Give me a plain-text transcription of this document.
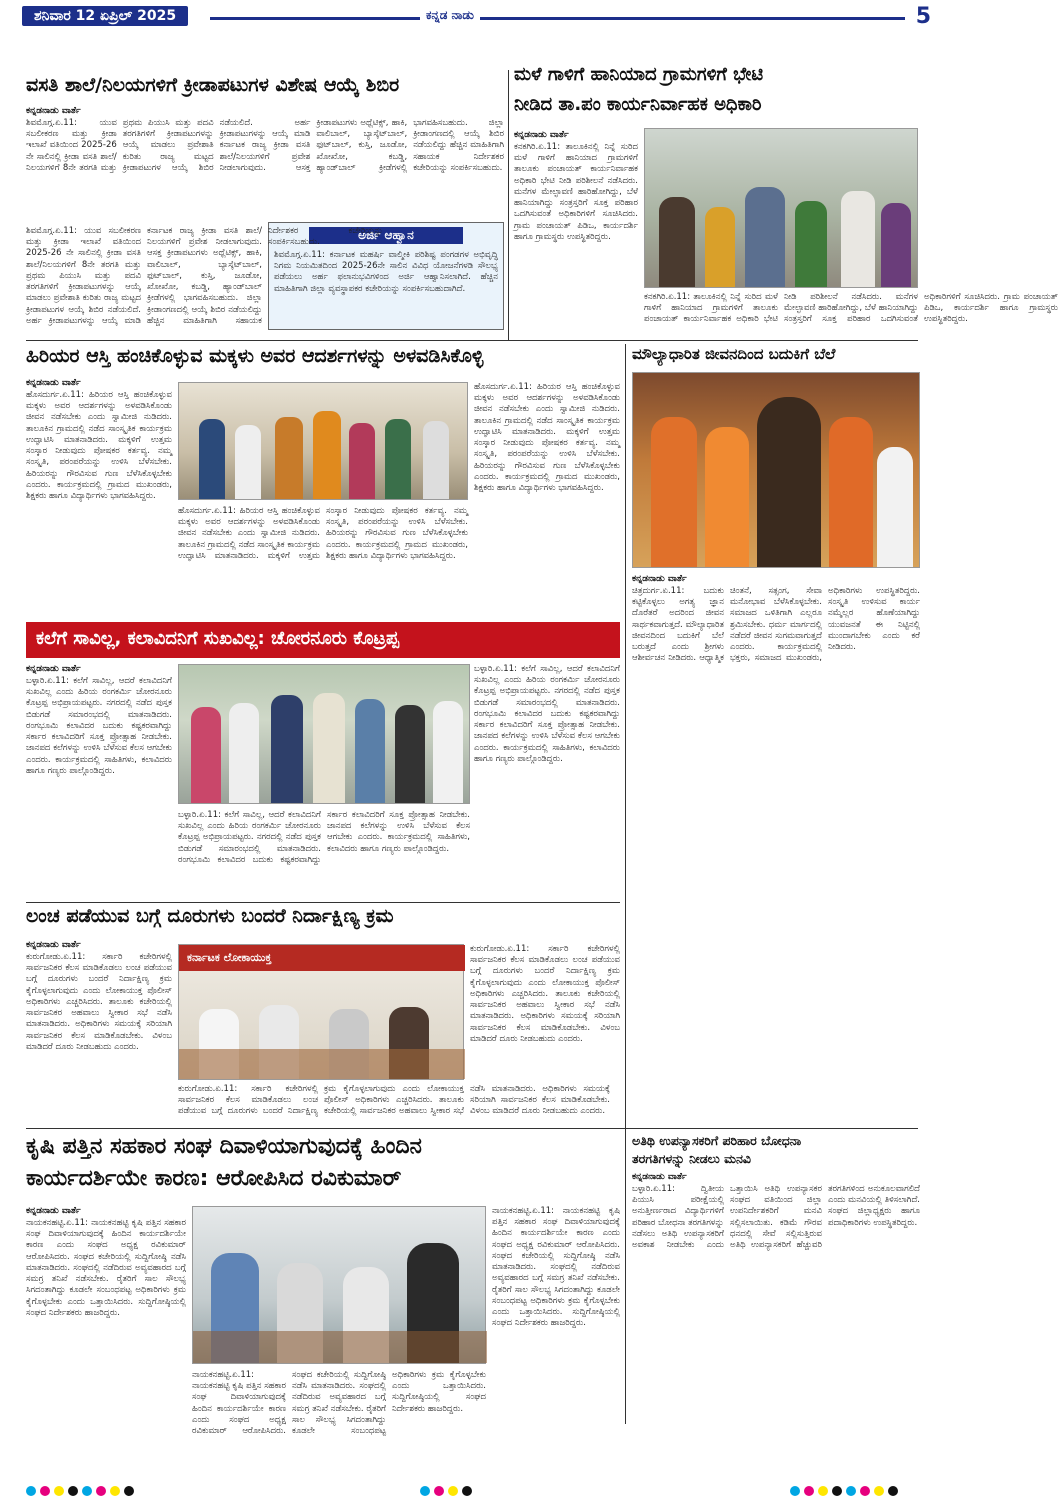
ಶನಿವಾರ 12 ಏಪ್ರಿಲ್ 2025	ಕನ್ನಡ ನಾಡು	5
ವಸತಿ ಶಾಲೆ/ನಿಲಯಗಳಿಗೆ ಕ್ರೀಡಾಪಟುಗಳ ವಿಶೇಷ ಆಯ್ಕೆ ಶಿಬಿರ
ಕನ್ನಡನಾಡು ವಾರ್ತೆ
ಶಿವಮೊಗ್ಗ.ಏ.11: ಯುವ ಸಬಲೀಕರಣ ಮತ್ತು ಕ್ರೀಡಾ ಇಲಾಖೆ ವತಿಯಿಂದ 2025-26 ನೇ ಸಾಲಿನಲ್ಲಿ ಕ್ರೀಡಾ ವಸತಿ ಶಾಲೆ/ನಿಲಯಗಳಿಗೆ 8ನೇ ತರಗತಿ ಮತ್ತು ಪ್ರಥಮ ಪಿಯುಸಿ ಮತ್ತು ಪದವಿ ತರಗತಿಗಳಿಗೆ ಕ್ರೀಡಾಪಟುಗಳನ್ನು ಆಯ್ಕೆ ಮಾಡಲು ಪ್ರವೇಶಾತಿ ಕುರಿತು ರಾಜ್ಯ ಮಟ್ಟದ ಕ್ರೀಡಾಪಟುಗಳ ಆಯ್ಕೆ ಶಿಬಿರ ನಡೆಯಲಿದೆ. ಅರ್ಹ ಕ್ರೀಡಾಪಟುಗಳನ್ನು ಆಯ್ಕೆ ಮಾಡಿ ಕರ್ನಾಟಕ ರಾಜ್ಯ ಕ್ರೀಡಾ ವಸತಿ ಶಾಲೆ/ನಿಲಯಗಳಿಗೆ ಪ್ರವೇಶ ನೀಡಲಾಗುವುದು. ಆಸಕ್ತ ಕ್ರೀಡಾಪಟುಗಳು ಅಥ್ಲೆಟಿಕ್ಸ್, ಹಾಕಿ, ವಾಲಿಬಾಲ್, ಬ್ಯಾಸ್ಕೆಟ್‌ಬಾಲ್, ಫುಟ್‌ಬಾಲ್, ಕುಸ್ತಿ, ಜೂಡೋ, ಖೋಖೋ, ಕಬಡ್ಡಿ, ಹ್ಯಾಂಡ್‌ಬಾಲ್ ಕ್ರೀಡೆಗಳಲ್ಲಿ ಭಾಗವಹಿಸಬಹುದು. ಜಿಲ್ಲಾ ಕ್ರೀಡಾಂಗಣದಲ್ಲಿ ಆಯ್ಕೆ ಶಿಬಿರ ನಡೆಯಲಿದ್ದು ಹೆಚ್ಚಿನ ಮಾಹಿತಿಗಾಗಿ ಸಹಾಯಕ ನಿರ್ದೇಶಕರ ಕಚೇರಿಯನ್ನು ಸಂಪರ್ಕಿಸಬಹುದು.
ಅರ್ಜಿ ಆಹ್ವಾನ
ಶಿವಮೊಗ್ಗ.ಏ.11: ಕರ್ನಾಟಕ ಮಹರ್ಷಿ ವಾಲ್ಮೀಕಿ ಪರಿಶಿಷ್ಟ ಪಂಗಡಗಳ ಅಭಿವೃದ್ಧಿ ನಿಗಮ ನಿಯಮಿತದಿಂದ 2025-26ನೇ ಸಾಲಿನ ವಿವಿಧ ಯೋಜನೆಗಳಡಿ ಸೌಲಭ್ಯ ಪಡೆಯಲು ಅರ್ಹ ಫಲಾನುಭವಿಗಳಿಂದ ಅರ್ಜಿ ಆಹ್ವಾನಿಸಲಾಗಿದೆ. ಹೆಚ್ಚಿನ ಮಾಹಿತಿಗಾಗಿ ಜಿಲ್ಲಾ ವ್ಯವಸ್ಥಾಪಕರ ಕಚೇರಿಯನ್ನು ಸಂಪರ್ಕಿಸಬಹುದಾಗಿದೆ.
ಶಿವಮೊಗ್ಗ.ಏ.11: ಯುವ ಸಬಲೀಕರಣ ಮತ್ತು ಕ್ರೀಡಾ ಇಲಾಖೆ ವತಿಯಿಂದ 2025-26 ನೇ ಸಾಲಿನಲ್ಲಿ ಕ್ರೀಡಾ ವಸತಿ ಶಾಲೆ/ನಿಲಯಗಳಿಗೆ 8ನೇ ತರಗತಿ ಮತ್ತು ಪ್ರಥಮ ಪಿಯುಸಿ ಮತ್ತು ಪದವಿ ತರಗತಿಗಳಿಗೆ ಕ್ರೀಡಾಪಟುಗಳನ್ನು ಆಯ್ಕೆ ಮಾಡಲು ಪ್ರವೇಶಾತಿ ಕುರಿತು ರಾಜ್ಯ ಮಟ್ಟದ ಕ್ರೀಡಾಪಟುಗಳ ಆಯ್ಕೆ ಶಿಬಿರ ನಡೆಯಲಿದೆ. ಅರ್ಹ ಕ್ರೀಡಾಪಟುಗಳನ್ನು ಆಯ್ಕೆ ಮಾಡಿ ಕರ್ನಾಟಕ ರಾಜ್ಯ ಕ್ರೀಡಾ ವಸತಿ ಶಾಲೆ/ನಿಲಯಗಳಿಗೆ ಪ್ರವೇಶ ನೀಡಲಾಗುವುದು. ಆಸಕ್ತ ಕ್ರೀಡಾಪಟುಗಳು ಅಥ್ಲೆಟಿಕ್ಸ್, ಹಾಕಿ, ವಾಲಿಬಾಲ್, ಬ್ಯಾಸ್ಕೆಟ್‌ಬಾಲ್, ಫುಟ್‌ಬಾಲ್, ಕುಸ್ತಿ, ಜೂಡೋ, ಖೋಖೋ, ಕಬಡ್ಡಿ, ಹ್ಯಾಂಡ್‌ಬಾಲ್ ಕ್ರೀಡೆಗಳಲ್ಲಿ ಭಾಗವಹಿಸಬಹುದು. ಜಿಲ್ಲಾ ಕ್ರೀಡಾಂಗಣದಲ್ಲಿ ಆಯ್ಕೆ ಶಿಬಿರ ನಡೆಯಲಿದ್ದು ಹೆಚ್ಚಿನ ಮಾಹಿತಿಗಾಗಿ ಸಹಾಯಕ
ಮಳೆ ಗಾಳಿಗೆ ಹಾನಿಯಾದ ಗ್ರಾಮಗಳಿಗೆ ಭೇಟಿ
ನೀಡಿದ ತಾ.ಪಂ ಕಾರ್ಯನಿರ್ವಾಹಕ ಅಧಿಕಾರಿ
ಕನ್ನಡನಾಡು ವಾರ್ತೆ
ಕನಕಗಿರಿ.ಏ.11: ತಾಲೂಕಿನಲ್ಲಿ ನಿನ್ನೆ ಸುರಿದ ಮಳೆ ಗಾಳಿಗೆ ಹಾನಿಯಾದ ಗ್ರಾಮಗಳಿಗೆ ತಾಲೂಕು ಪಂಚಾಯತ್ ಕಾರ್ಯನಿರ್ವಾಹಕ ಅಧಿಕಾರಿ ಭೇಟಿ ನೀಡಿ ಪರಿಶೀಲನೆ ನಡೆಸಿದರು. ಮನೆಗಳ ಮೇಲ್ಛಾವಣಿ ಹಾರಿಹೋಗಿದ್ದು, ಬೆಳೆ ಹಾನಿಯಾಗಿದ್ದು ಸಂತ್ರಸ್ತರಿಗೆ ಸೂಕ್ತ ಪರಿಹಾರ ಒದಗಿಸುವಂತೆ ಅಧಿಕಾರಿಗಳಿಗೆ ಸೂಚಿಸಿದರು. ಗ್ರಾಮ ಪಂಚಾಯತ್ ಪಿಡಿಒ, ಕಾರ್ಯದರ್ಶಿ ಹಾಗೂ ಗ್ರಾಮಸ್ಥರು ಉಪಸ್ಥಿತರಿದ್ದರು.
ಕನಕಗಿರಿ.ಏ.11: ತಾಲೂಕಿನಲ್ಲಿ ನಿನ್ನೆ ಸುರಿದ ಮಳೆ ಗಾಳಿಗೆ ಹಾನಿಯಾದ ಗ್ರಾಮಗಳಿಗೆ ತಾಲೂಕು ಪಂಚಾಯತ್ ಕಾರ್ಯನಿರ್ವಾಹಕ ಅಧಿಕಾರಿ ಭೇಟಿ ನೀಡಿ ಪರಿಶೀಲನೆ ನಡೆಸಿದರು. ಮನೆಗಳ ಮೇಲ್ಛಾವಣಿ ಹಾರಿಹೋಗಿದ್ದು, ಬೆಳೆ ಹಾನಿಯಾಗಿದ್ದು ಸಂತ್ರಸ್ತರಿಗೆ ಸೂಕ್ತ ಪರಿಹಾರ ಒದಗಿಸುವಂತೆ ಅಧಿಕಾರಿಗಳಿಗೆ ಸೂಚಿಸಿದರು. ಗ್ರಾಮ ಪಂಚಾಯತ್ ಪಿಡಿಒ, ಕಾರ್ಯದರ್ಶಿ ಹಾಗೂ ಗ್ರಾಮಸ್ಥರು ಉಪಸ್ಥಿತರಿದ್ದರು.
ಹಿರಿಯರ ಆಸ್ತಿ ಹಂಚಿಕೊಳ್ಳುವ ಮಕ್ಕಳು ಅವರ ಆದರ್ಶಗಳನ್ನು ಅಳವಡಿಸಿಕೊಳ್ಳಿ
ಕನ್ನಡನಾಡು ವಾರ್ತೆ
ಹೊಸದುರ್ಗ.ಏ.11: ಹಿರಿಯರ ಆಸ್ತಿ ಹಂಚಿಕೊಳ್ಳುವ ಮಕ್ಕಳು ಅವರ ಆದರ್ಶಗಳನ್ನು ಅಳವಡಿಸಿಕೊಂಡು ಜೀವನ ನಡೆಸಬೇಕು ಎಂದು ಸ್ವಾಮೀಜಿ ನುಡಿದರು. ತಾಲೂಕಿನ ಗ್ರಾಮದಲ್ಲಿ ನಡೆದ ಸಾಂಸ್ಕೃತಿಕ ಕಾರ್ಯಕ್ರಮ ಉದ್ಘಾಟಿಸಿ ಮಾತನಾಡಿದರು. ಮಕ್ಕಳಿಗೆ ಉತ್ತಮ ಸಂಸ್ಕಾರ ನೀಡುವುದು ಪೋಷಕರ ಕರ್ತವ್ಯ. ನಮ್ಮ ಸಂಸ್ಕೃತಿ, ಪರಂಪರೆಯನ್ನು ಉಳಿಸಿ ಬೆಳೆಸಬೇಕು. ಹಿರಿಯರನ್ನು ಗೌರವಿಸುವ ಗುಣ ಬೆಳೆಸಿಕೊಳ್ಳಬೇಕು ಎಂದರು. ಕಾರ್ಯಕ್ರಮದಲ್ಲಿ ಗ್ರಾಮದ ಮುಖಂಡರು, ಶಿಕ್ಷಕರು ಹಾಗೂ ವಿದ್ಯಾರ್ಥಿಗಳು ಭಾಗವಹಿಸಿದ್ದರು.
ಹೊಸದುರ್ಗ.ಏ.11: ಹಿರಿಯರ ಆಸ್ತಿ ಹಂಚಿಕೊಳ್ಳುವ ಮಕ್ಕಳು ಅವರ ಆದರ್ಶಗಳನ್ನು ಅಳವಡಿಸಿಕೊಂಡು ಜೀವನ ನಡೆಸಬೇಕು ಎಂದು ಸ್ವಾಮೀಜಿ ನುಡಿದರು. ತಾಲೂಕಿನ ಗ್ರಾಮದಲ್ಲಿ ನಡೆದ ಸಾಂಸ್ಕೃತಿಕ ಕಾರ್ಯಕ್ರಮ ಉದ್ಘಾಟಿಸಿ ಮಾತನಾಡಿದರು. ಮಕ್ಕಳಿಗೆ ಉತ್ತಮ ಸಂಸ್ಕಾರ ನೀಡುವುದು ಪೋಷಕರ ಕರ್ತವ್ಯ. ನಮ್ಮ ಸಂಸ್ಕೃತಿ, ಪರಂಪರೆಯನ್ನು ಉಳಿಸಿ ಬೆಳೆಸಬೇಕು. ಹಿರಿಯರನ್ನು ಗೌರವಿಸುವ ಗುಣ ಬೆಳೆಸಿಕೊಳ್ಳಬೇಕು ಎಂದರು. ಕಾರ್ಯಕ್ರಮದಲ್ಲಿ ಗ್ರಾಮದ ಮುಖಂಡರು, ಶಿಕ್ಷಕರು ಹಾಗೂ ವಿದ್ಯಾರ್ಥಿಗಳು ಭಾಗವಹಿಸಿದ್ದರು.
ಹೊಸದುರ್ಗ.ಏ.11: ಹಿರಿಯರ ಆಸ್ತಿ ಹಂಚಿಕೊಳ್ಳುವ ಮಕ್ಕಳು ಅವರ ಆದರ್ಶಗಳನ್ನು ಅಳವಡಿಸಿಕೊಂಡು ಜೀವನ ನಡೆಸಬೇಕು ಎಂದು ಸ್ವಾಮೀಜಿ ನುಡಿದರು. ತಾಲೂಕಿನ ಗ್ರಾಮದಲ್ಲಿ ನಡೆದ ಸಾಂಸ್ಕೃತಿಕ ಕಾರ್ಯಕ್ರಮ ಉದ್ಘಾಟಿಸಿ ಮಾತನಾಡಿದರು. ಮಕ್ಕಳಿಗೆ ಉತ್ತಮ ಸಂಸ್ಕಾರ ನೀಡುವುದು ಪೋಷಕರ ಕರ್ತವ್ಯ. ನಮ್ಮ ಸಂಸ್ಕೃತಿ, ಪರಂಪರೆಯನ್ನು ಉಳಿಸಿ ಬೆಳೆಸಬೇಕು. ಹಿರಿಯರನ್ನು ಗೌರವಿಸುವ ಗುಣ ಬೆಳೆಸಿಕೊಳ್ಳಬೇಕು ಎಂದರು. ಕಾರ್ಯಕ್ರಮದಲ್ಲಿ ಗ್ರಾಮದ ಮುಖಂಡರು, ಶಿಕ್ಷಕರು ಹಾಗೂ ವಿದ್ಯಾರ್ಥಿಗಳು ಭಾಗವಹಿಸಿದ್ದರು.
ಮೌಲ್ಯಾಧಾರಿತ ಜೀವನದಿಂದ ಬದುಕಿಗೆ ಬೆಲೆ
ಕನ್ನಡನಾಡು ವಾರ್ತೆ
ಚಿತ್ರದುರ್ಗ.ಏ.11: ಬದುಕು ಕಟ್ಟಿಕೊಳ್ಳಲು ಅಗತ್ಯ ಜ್ಞಾನ ದೊರೆತರೆ ಅದರಿಂದ ಜೀವನ ಸಾರ್ಥಕವಾಗುತ್ತದೆ. ಮೌಲ್ಯಾಧಾರಿತ ಜೀವನದಿಂದ ಬದುಕಿಗೆ ಬೆಲೆ ಬರುತ್ತದೆ ಎಂದು ಶ್ರೀಗಳು ಆಶೀರ್ವಚನ ನೀಡಿದರು. ಆಧ್ಯಾತ್ಮಿಕ ಚಿಂತನೆ, ಸತ್ಸಂಗ, ಸೇವಾ ಮನೋಭಾವ ಬೆಳೆಸಿಕೊಳ್ಳಬೇಕು. ಸಮಾಜದ ಒಳಿತಿಗಾಗಿ ಎಲ್ಲರೂ ಶ್ರಮಿಸಬೇಕು. ಧರ್ಮ ಮಾರ್ಗದಲ್ಲಿ ನಡೆದರೆ ಜೀವನ ಸುಗಮವಾಗುತ್ತದೆ ಎಂದರು. ಕಾರ್ಯಕ್ರಮದಲ್ಲಿ ಭಕ್ತರು, ಸಮಾಜದ ಮುಖಂಡರು, ಅಧಿಕಾರಿಗಳು ಉಪಸ್ಥಿತರಿದ್ದರು. ಸಂಸ್ಕೃತಿ ಉಳಿಸುವ ಕಾರ್ಯ ನಮ್ಮೆಲ್ಲರ ಹೊಣೆಯಾಗಿದ್ದು ಯುವಜನತೆ ಈ ನಿಟ್ಟಿನಲ್ಲಿ ಮುಂದಾಗಬೇಕು ಎಂದು ಕರೆ ನೀಡಿದರು.
ಕಲೆಗೆ ಸಾವಿಲ್ಲ, ಕಲಾವಿದನಿಗೆ ಸುಖವಿಲ್ಲ: ಚೋರನೂರು ಕೊಟ್ರಪ್ಪ
ಕನ್ನಡನಾಡು ವಾರ್ತೆ
ಬಳ್ಳಾರಿ.ಏ.11: ಕಲೆಗೆ ಸಾವಿಲ್ಲ, ಆದರೆ ಕಲಾವಿದನಿಗೆ ಸುಖವಿಲ್ಲ ಎಂದು ಹಿರಿಯ ರಂಗಕರ್ಮಿ ಚೋರನೂರು ಕೊಟ್ರಪ್ಪ ಅಭಿಪ್ರಾಯಪಟ್ಟರು. ನಗರದಲ್ಲಿ ನಡೆದ ಪುಸ್ತಕ ಬಿಡುಗಡೆ ಸಮಾರಂಭದಲ್ಲಿ ಮಾತನಾಡಿದರು. ರಂಗಭೂಮಿ ಕಲಾವಿದರ ಬದುಕು ಕಷ್ಟಕರವಾಗಿದ್ದು ಸರ್ಕಾರ ಕಲಾವಿದರಿಗೆ ಸೂಕ್ತ ಪ್ರೋತ್ಸಾಹ ನೀಡಬೇಕು. ಜಾನಪದ ಕಲೆಗಳನ್ನು ಉಳಿಸಿ ಬೆಳೆಸುವ ಕೆಲಸ ಆಗಬೇಕು ಎಂದರು. ಕಾರ್ಯಕ್ರಮದಲ್ಲಿ ಸಾಹಿತಿಗಳು, ಕಲಾವಿದರು ಹಾಗೂ ಗಣ್ಯರು ಪಾಲ್ಗೊಂಡಿದ್ದರು.
ಬಳ್ಳಾರಿ.ಏ.11: ಕಲೆಗೆ ಸಾವಿಲ್ಲ, ಆದರೆ ಕಲಾವಿದನಿಗೆ ಸುಖವಿಲ್ಲ ಎಂದು ಹಿರಿಯ ರಂಗಕರ್ಮಿ ಚೋರನೂರು ಕೊಟ್ರಪ್ಪ ಅಭಿಪ್ರಾಯಪಟ್ಟರು. ನಗರದಲ್ಲಿ ನಡೆದ ಪುಸ್ತಕ ಬಿಡುಗಡೆ ಸಮಾರಂಭದಲ್ಲಿ ಮಾತನಾಡಿದರು. ರಂಗಭೂಮಿ ಕಲಾವಿದರ ಬದುಕು ಕಷ್ಟಕರವಾಗಿದ್ದು ಸರ್ಕಾರ ಕಲಾವಿದರಿಗೆ ಸೂಕ್ತ ಪ್ರೋತ್ಸಾಹ ನೀಡಬೇಕು. ಜಾನಪದ ಕಲೆಗಳನ್ನು ಉಳಿಸಿ ಬೆಳೆಸುವ ಕೆಲಸ ಆಗಬೇಕು ಎಂದರು. ಕಾರ್ಯಕ್ರಮದಲ್ಲಿ ಸಾಹಿತಿಗಳು, ಕಲಾವಿದರು ಹಾಗೂ ಗಣ್ಯರು ಪಾಲ್ಗೊಂಡಿದ್ದರು.
ಬಳ್ಳಾರಿ.ಏ.11: ಕಲೆಗೆ ಸಾವಿಲ್ಲ, ಆದರೆ ಕಲಾವಿದನಿಗೆ ಸುಖವಿಲ್ಲ ಎಂದು ಹಿರಿಯ ರಂಗಕರ್ಮಿ ಚೋರನೂರು ಕೊಟ್ರಪ್ಪ ಅಭಿಪ್ರಾಯಪಟ್ಟರು. ನಗರದಲ್ಲಿ ನಡೆದ ಪುಸ್ತಕ ಬಿಡುಗಡೆ ಸಮಾರಂಭದಲ್ಲಿ ಮಾತನಾಡಿದರು. ರಂಗಭೂಮಿ ಕಲಾವಿದರ ಬದುಕು ಕಷ್ಟಕರವಾಗಿದ್ದು ಸರ್ಕಾರ ಕಲಾವಿದರಿಗೆ ಸೂಕ್ತ ಪ್ರೋತ್ಸಾಹ ನೀಡಬೇಕು. ಜಾನಪದ ಕಲೆಗಳನ್ನು ಉಳಿಸಿ ಬೆಳೆಸುವ ಕೆಲಸ ಆಗಬೇಕು ಎಂದರು. ಕಾರ್ಯಕ್ರಮದಲ್ಲಿ ಸಾಹಿತಿಗಳು, ಕಲಾವಿದರು ಹಾಗೂ ಗಣ್ಯರು ಪಾಲ್ಗೊಂಡಿದ್ದರು.
ಲಂಚ ಪಡೆಯುವ ಬಗ್ಗೆ ದೂರುಗಳು ಬಂದರೆ ನಿರ್ದಾಕ್ಷಿಣ್ಯ ಕ್ರಮ
ಕನ್ನಡನಾಡು ವಾರ್ತೆ
ಕುರುಗೋಡು.ಏ.11: ಸರ್ಕಾರಿ ಕಚೇರಿಗಳಲ್ಲಿ ಸಾರ್ವಜನಿಕರ ಕೆಲಸ ಮಾಡಿಕೊಡಲು ಲಂಚ ಪಡೆಯುವ ಬಗ್ಗೆ ದೂರುಗಳು ಬಂದರೆ ನಿರ್ದಾಕ್ಷಿಣ್ಯ ಕ್ರಮ ಕೈಗೊಳ್ಳಲಾಗುವುದು ಎಂದು ಲೋಕಾಯುಕ್ತ ಪೊಲೀಸ್ ಅಧಿಕಾರಿಗಳು ಎಚ್ಚರಿಸಿದರು. ತಾಲೂಕು ಕಚೇರಿಯಲ್ಲಿ ಸಾರ್ವಜನಿಕರ ಅಹವಾಲು ಸ್ವೀಕಾರ ಸಭೆ ನಡೆಸಿ ಮಾತನಾಡಿದರು. ಅಧಿಕಾರಿಗಳು ಸಮಯಕ್ಕೆ ಸರಿಯಾಗಿ ಸಾರ್ವಜನಿಕರ ಕೆಲಸ ಮಾಡಿಕೊಡಬೇಕು. ವಿಳಂಬ ಮಾಡಿದರೆ ದೂರು ನೀಡಬಹುದು ಎಂದರು.
ಕರ್ನಾಟಕ ಲೋಕಾಯುಕ್ತ
ಕುರುಗೋಡು.ಏ.11: ಸರ್ಕಾರಿ ಕಚೇರಿಗಳಲ್ಲಿ ಸಾರ್ವಜನಿಕರ ಕೆಲಸ ಮಾಡಿಕೊಡಲು ಲಂಚ ಪಡೆಯುವ ಬಗ್ಗೆ ದೂರುಗಳು ಬಂದರೆ ನಿರ್ದಾಕ್ಷಿಣ್ಯ ಕ್ರಮ ಕೈಗೊಳ್ಳಲಾಗುವುದು ಎಂದು ಲೋಕಾಯುಕ್ತ ಪೊಲೀಸ್ ಅಧಿಕಾರಿಗಳು ಎಚ್ಚರಿಸಿದರು. ತಾಲೂಕು ಕಚೇರಿಯಲ್ಲಿ ಸಾರ್ವಜನಿಕರ ಅಹವಾಲು ಸ್ವೀಕಾರ ಸಭೆ ನಡೆಸಿ ಮಾತನಾಡಿದರು. ಅಧಿಕಾರಿಗಳು ಸಮಯಕ್ಕೆ ಸರಿಯಾಗಿ ಸಾರ್ವಜನಿಕರ ಕೆಲಸ ಮಾಡಿಕೊಡಬೇಕು. ವಿಳಂಬ ಮಾಡಿದರೆ ದೂರು ನೀಡಬಹುದು ಎಂದರು.
ಕುರುಗೋಡು.ಏ.11: ಸರ್ಕಾರಿ ಕಚೇರಿಗಳಲ್ಲಿ ಸಾರ್ವಜನಿಕರ ಕೆಲಸ ಮಾಡಿಕೊಡಲು ಲಂಚ ಪಡೆಯುವ ಬಗ್ಗೆ ದೂರುಗಳು ಬಂದರೆ ನಿರ್ದಾಕ್ಷಿಣ್ಯ ಕ್ರಮ ಕೈಗೊಳ್ಳಲಾಗುವುದು ಎಂದು ಲೋಕಾಯುಕ್ತ ಪೊಲೀಸ್ ಅಧಿಕಾರಿಗಳು ಎಚ್ಚರಿಸಿದರು. ತಾಲೂಕು ಕಚೇರಿಯಲ್ಲಿ ಸಾರ್ವಜನಿಕರ ಅಹವಾಲು ಸ್ವೀಕಾರ ಸಭೆ ನಡೆಸಿ ಮಾತನಾಡಿದರು. ಅಧಿಕಾರಿಗಳು ಸಮಯಕ್ಕೆ ಸರಿಯಾಗಿ ಸಾರ್ವಜನಿಕರ ಕೆಲಸ ಮಾಡಿಕೊಡಬೇಕು. ವಿಳಂಬ ಮಾಡಿದರೆ ದೂರು ನೀಡಬಹುದು ಎಂದರು.
ಕೃಷಿ ಪತ್ತಿನ ಸಹಕಾರ ಸಂಘ ದಿವಾಳಿಯಾಗುವುದಕ್ಕೆ ಹಿಂದಿನ
ಕಾರ್ಯದರ್ಶಿಯೇ ಕಾರಣ: ಆರೋಪಿಸಿದ ರವಿಕುಮಾರ್
ಕನ್ನಡನಾಡು ವಾರ್ತೆ
ನಾಯಕನಹಟ್ಟಿ.ಏ.11: ನಾಯಕನಹಟ್ಟಿ ಕೃಷಿ ಪತ್ತಿನ ಸಹಕಾರ ಸಂಘ ದಿವಾಳಿಯಾಗುವುದಕ್ಕೆ ಹಿಂದಿನ ಕಾರ್ಯದರ್ಶಿಯೇ ಕಾರಣ ಎಂದು ಸಂಘದ ಅಧ್ಯಕ್ಷ ರವಿಕುಮಾರ್ ಆರೋಪಿಸಿದರು. ಸಂಘದ ಕಚೇರಿಯಲ್ಲಿ ಸುದ್ದಿಗೋಷ್ಠಿ ನಡೆಸಿ ಮಾತನಾಡಿದರು. ಸಂಘದಲ್ಲಿ ನಡೆದಿರುವ ಅವ್ಯವಹಾರದ ಬಗ್ಗೆ ಸಮಗ್ರ ತನಿಖೆ ನಡೆಸಬೇಕು. ರೈತರಿಗೆ ಸಾಲ ಸೌಲಭ್ಯ ಸಿಗದಂತಾಗಿದ್ದು ಕೂಡಲೇ ಸಂಬಂಧಪಟ್ಟ ಅಧಿಕಾರಿಗಳು ಕ್ರಮ ಕೈಗೊಳ್ಳಬೇಕು ಎಂದು ಒತ್ತಾಯಿಸಿದರು. ಸುದ್ದಿಗೋಷ್ಠಿಯಲ್ಲಿ ಸಂಘದ ನಿರ್ದೇಶಕರು ಹಾಜರಿದ್ದರು.
ನಾಯಕನಹಟ್ಟಿ.ಏ.11: ನಾಯಕನಹಟ್ಟಿ ಕೃಷಿ ಪತ್ತಿನ ಸಹಕಾರ ಸಂಘ ದಿವಾಳಿಯಾಗುವುದಕ್ಕೆ ಹಿಂದಿನ ಕಾರ್ಯದರ್ಶಿಯೇ ಕಾರಣ ಎಂದು ಸಂಘದ ಅಧ್ಯಕ್ಷ ರವಿಕುಮಾರ್ ಆರೋಪಿಸಿದರು. ಸಂಘದ ಕಚೇರಿಯಲ್ಲಿ ಸುದ್ದಿಗೋಷ್ಠಿ ನಡೆಸಿ ಮಾತನಾಡಿದರು. ಸಂಘದಲ್ಲಿ ನಡೆದಿರುವ ಅವ್ಯವಹಾರದ ಬಗ್ಗೆ ಸಮಗ್ರ ತನಿಖೆ ನಡೆಸಬೇಕು. ರೈತರಿಗೆ ಸಾಲ ಸೌಲಭ್ಯ ಸಿಗದಂತಾಗಿದ್ದು ಕೂಡಲೇ ಸಂಬಂಧಪಟ್ಟ ಅಧಿಕಾರಿಗಳು ಕ್ರಮ ಕೈಗೊಳ್ಳಬೇಕು ಎಂದು ಒತ್ತಾಯಿಸಿದರು. ಸುದ್ದಿಗೋಷ್ಠಿಯಲ್ಲಿ ಸಂಘದ ನಿರ್ದೇಶಕರು ಹಾಜರಿದ್ದರು.
ನಾಯಕನಹಟ್ಟಿ.ಏ.11: ನಾಯಕನಹಟ್ಟಿ ಕೃಷಿ ಪತ್ತಿನ ಸಹಕಾರ ಸಂಘ ದಿವಾಳಿಯಾಗುವುದಕ್ಕೆ ಹಿಂದಿನ ಕಾರ್ಯದರ್ಶಿಯೇ ಕಾರಣ ಎಂದು ಸಂಘದ ಅಧ್ಯಕ್ಷ ರವಿಕುಮಾರ್ ಆರೋಪಿಸಿದರು. ಸಂಘದ ಕಚೇರಿಯಲ್ಲಿ ಸುದ್ದಿಗೋಷ್ಠಿ ನಡೆಸಿ ಮಾತನಾಡಿದರು. ಸಂಘದಲ್ಲಿ ನಡೆದಿರುವ ಅವ್ಯವಹಾರದ ಬಗ್ಗೆ ಸಮಗ್ರ ತನಿಖೆ ನಡೆಸಬೇಕು. ರೈತರಿಗೆ ಸಾಲ ಸೌಲಭ್ಯ ಸಿಗದಂತಾಗಿದ್ದು ಕೂಡಲೇ ಸಂಬಂಧಪಟ್ಟ ಅಧಿಕಾರಿಗಳು ಕ್ರಮ ಕೈಗೊಳ್ಳಬೇಕು ಎಂದು ಒತ್ತಾಯಿಸಿದರು. ಸುದ್ದಿಗೋಷ್ಠಿಯಲ್ಲಿ ಸಂಘದ ನಿರ್ದೇಶಕರು ಹಾಜರಿದ್ದರು.
ಅತಿಥಿ ಉಪನ್ಯಾಸಕರಿಗೆ ಪರಿಹಾರ ಬೋಧನಾ
ತರಗತಿಗಳನ್ನು ನೀಡಲು ಮನವಿ
ಕನ್ನಡನಾಡು ವಾರ್ತೆ
ಬಳ್ಳಾರಿ.ಏ.11: ದ್ವಿತೀಯ ಪಿಯುಸಿ ಪರೀಕ್ಷೆಯಲ್ಲಿ ಅನುತ್ತೀರ್ಣರಾದ ವಿದ್ಯಾರ್ಥಿಗಳಿಗೆ ಪರಿಹಾರ ಬೋಧನಾ ತರಗತಿಗಳನ್ನು ನಡೆಸಲು ಅತಿಥಿ ಉಪನ್ಯಾಸಕರಿಗೆ ಅವಕಾಶ ನೀಡಬೇಕು ಎಂದು ಒತ್ತಾಯಿಸಿ ಅತಿಥಿ ಉಪನ್ಯಾಸಕರ ಸಂಘದ ವತಿಯಿಂದ ಜಿಲ್ಲಾ ಉಪನಿರ್ದೇಶಕರಿಗೆ ಮನವಿ ಸಲ್ಲಿಸಲಾಯಿತು. ಕಡಿಮೆ ಗೌರವ ಧನದಲ್ಲಿ ಸೇವೆ ಸಲ್ಲಿಸುತ್ತಿರುವ ಅತಿಥಿ ಉಪನ್ಯಾಸಕರಿಗೆ ಹೆಚ್ಚುವರಿ ತರಗತಿಗಳಿಂದ ಅನುಕೂಲವಾಗಲಿದೆ ಎಂದು ಮನವಿಯಲ್ಲಿ ತಿಳಿಸಲಾಗಿದೆ. ಸಂಘದ ಜಿಲ್ಲಾಧ್ಯಕ್ಷರು ಹಾಗೂ ಪದಾಧಿಕಾರಿಗಳು ಉಪಸ್ಥಿತರಿದ್ದರು.
